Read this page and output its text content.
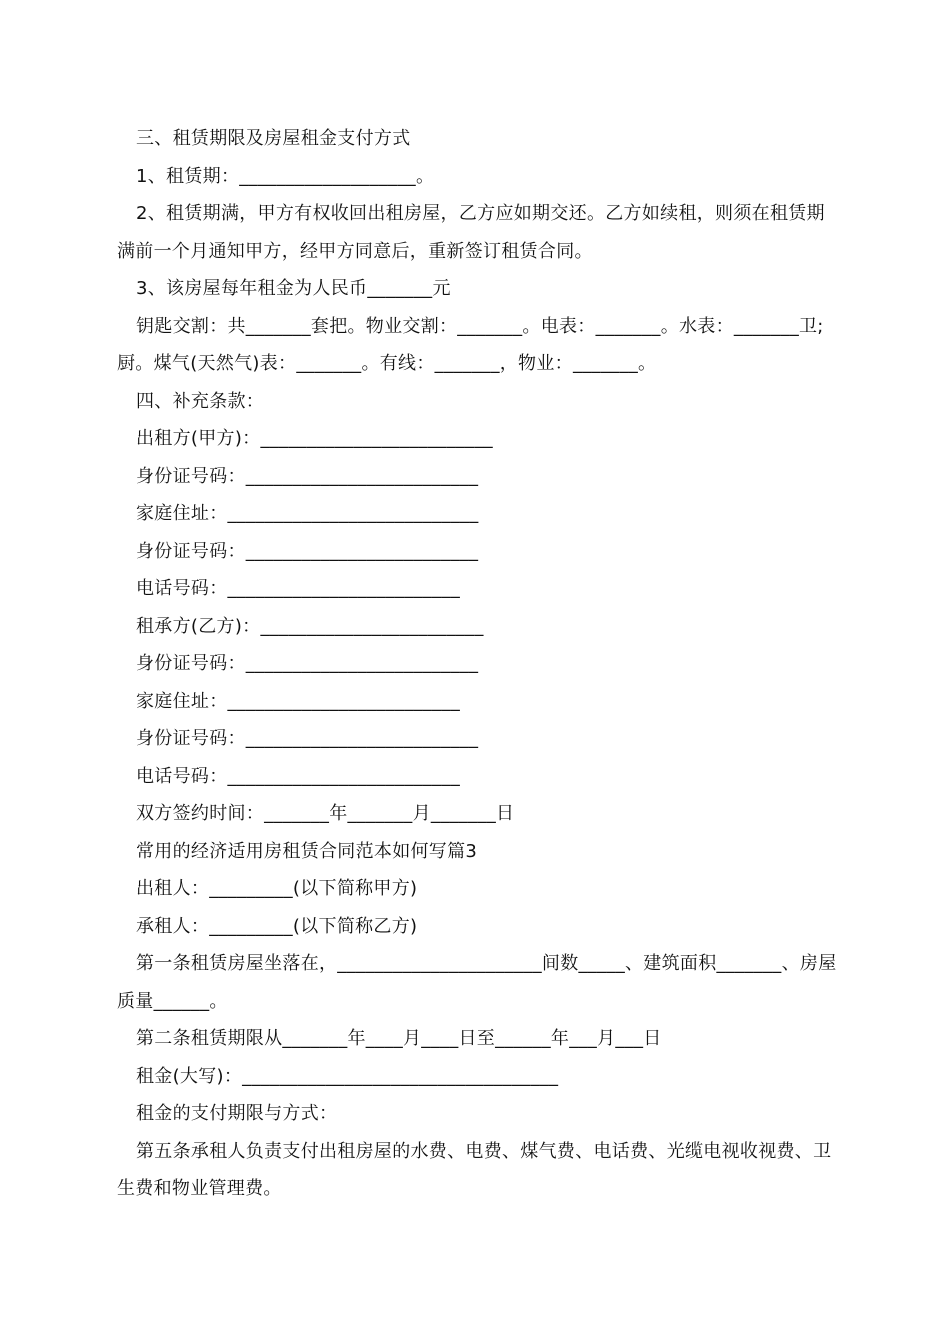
三、租赁期限及房屋租金支付方式

1、租赁期：___________________。

2、租赁期满，甲方有权收回出租房屋，乙方应如期交还。乙方如续租，则须在租赁期满前一个月通知甲方，经甲方同意后，重新签订租赁合同。

3、该房屋每年租金为人民币_______元

钥匙交割：共_______套把。物业交割：_______。电表：_______。水表：_______卫;厨。煤气(天然气)表：_______。有线：_______，物业：_______。

四、补充条款：

出租方(甲方)：_________________________

身份证号码：_________________________

家庭住址：___________________________

身份证号码：_________________________

电话号码：_________________________

租承方(乙方)：________________________

身份证号码：_________________________

家庭住址：_________________________

身份证号码：_________________________

电话号码：_________________________

双方签约时间：_______年_______月_______日

常用的经济适用房租赁合同范本如何写篇3

出租人：_________(以下简称甲方)

承租人：_________(以下简称乙方)

第一条租赁房屋坐落在，______________________间数_____、建筑面积_______、房屋质量______。

第二条租赁期限从_______年____月____日至______年___月___日

租金(大写)：__________________________________

租金的支付期限与方式：

第五条承租人负责支付出租房屋的水费、电费、煤气费、电话费、光缆电视收视费、卫生费和物业管理费。
